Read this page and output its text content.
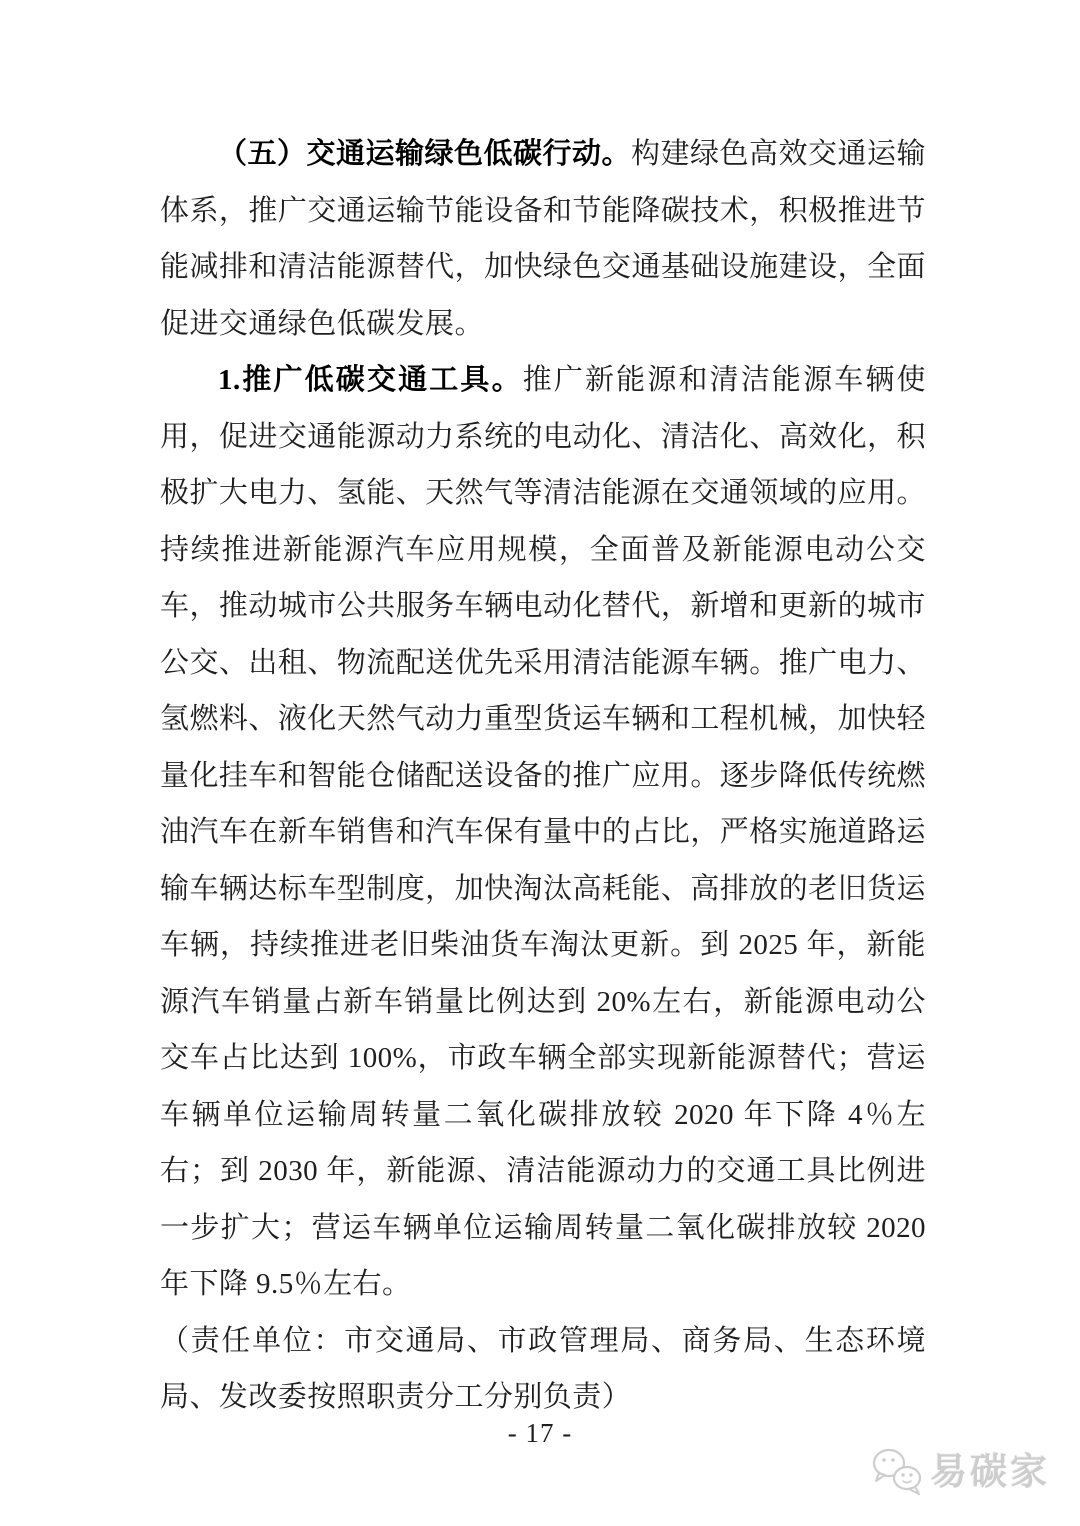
（五）交通运输绿色低碳行动。构建绿色高效交通运输体系，推广交通运输节能设备和节能降碳技术，积极推进节能减排和清洁能源替代，加快绿色交通基础设施建设，全面促进交通绿色低碳发展。

1.推广低碳交通工具。推广新能源和清洁能源车辆使用，促进交通能源动力系统的电动化、清洁化、高效化，积极扩大电力、氢能、天然气等清洁能源在交通领域的应用。持续推进新能源汽车应用规模，全面普及新能源电动公交车，推动城市公共服务车辆电动化替代，新增和更新的城市公交、出租、物流配送优先采用清洁能源车辆。推广电力、氢燃料、液化天然气动力重型货运车辆和工程机械，加快轻量化挂车和智能仓储配送设备的推广应用。逐步降低传统燃油汽车在新车销售和汽车保有量中的占比，严格实施道路运输车辆达标车型制度，加快淘汰高耗能、高排放的老旧货运车辆，持续推进老旧柴油货车淘汰更新。到 2025 年，新能源汽车销量占新车销量比例达到 20%左右，新能源电动公交车占比达到 100%，市政车辆全部实现新能源替代；营运车辆单位运输周转量二氧化碳排放较 2020 年下降 4％左右；到 2030 年，新能源、清洁能源动力的交通工具比例进一步扩大；营运车辆单位运输周转量二氧化碳排放较 2020 年下降 9.5％左右。

（责任单位：市交通局、市政管理局、商务局、生态环境局、发改委按照职责分工分别负责）

- 17 -
易碳家
